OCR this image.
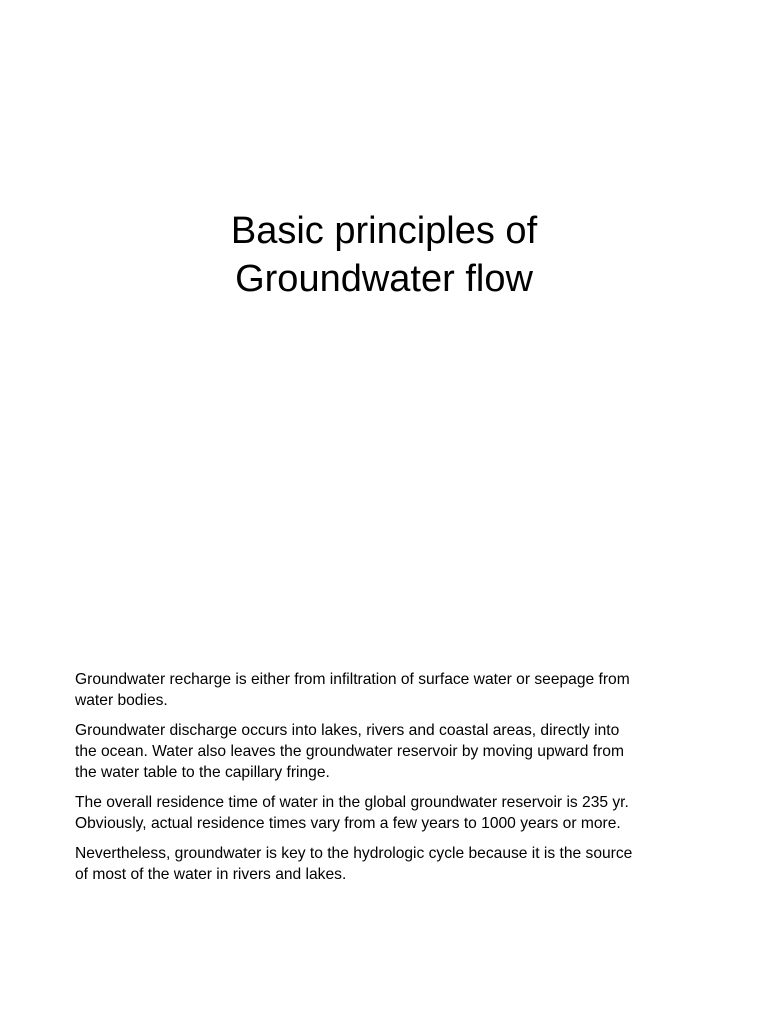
Basic principles of
Groundwater flow

Groundwater recharge is either from infiltration of surface water or seepage from
water bodies.

Groundwater discharge occurs into lakes, rivers and coastal areas, directly into
the ocean. Water also leaves the groundwater reservoir by moving upward from
the water table to the capillary fringe.

The overall residence time of water in the global groundwater reservoir is 235 yr.
Obviously, actual residence times vary from a few years to 1000 years or more.

Nevertheless, groundwater is key to the hydrologic cycle because it is the source
of most of the water in rivers and lakes.
